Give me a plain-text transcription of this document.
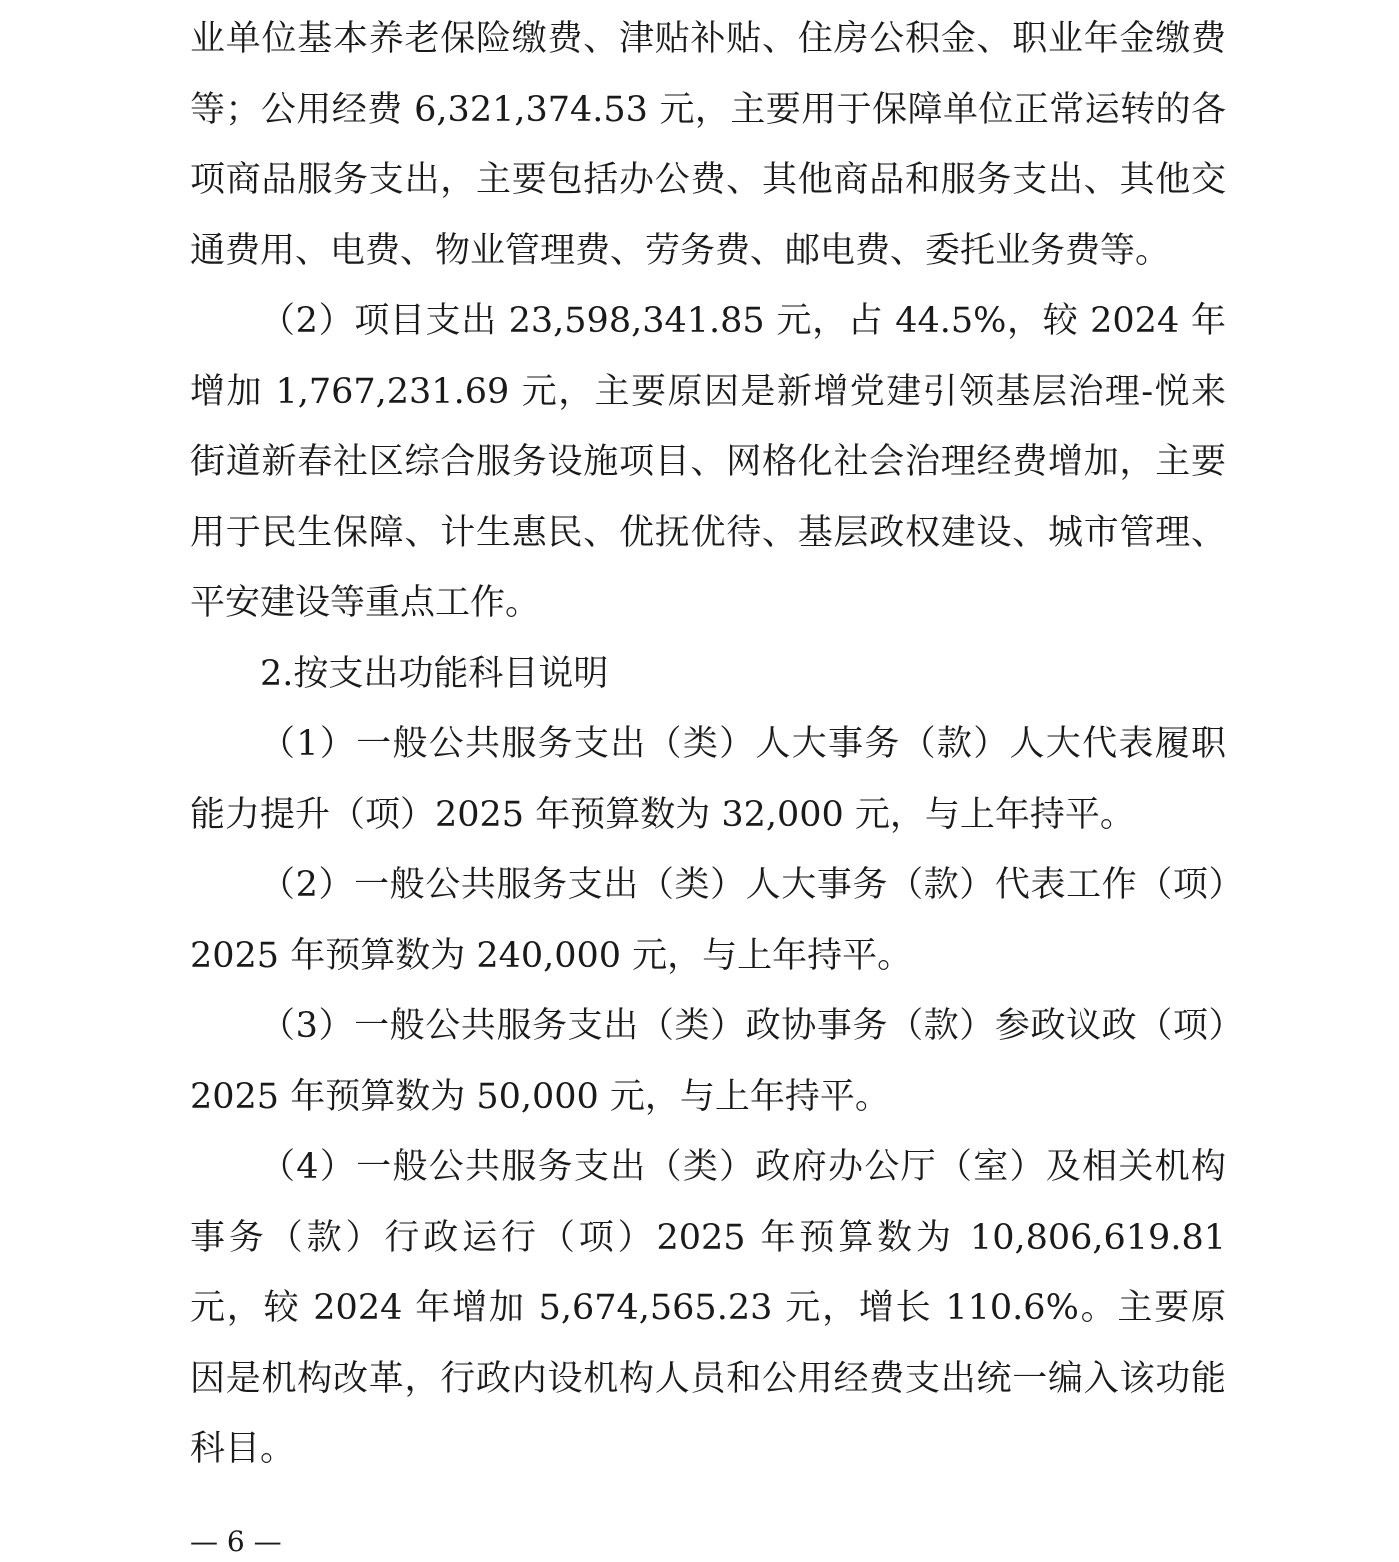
业单位基本养老保险缴费、津贴补贴、住房公积金、职业年金缴费等；公用经费 6,321,374.53 元，主要用于保障单位正常运转的各项商品服务支出，主要包括办公费、其他商品和服务支出、其他交通费用、电费、物业管理费、劳务费、邮电费、委托业务费等。

（2）项目支出 23,598,341.85 元，占 44.5%，较 2024 年增加 1,767,231.69 元，主要原因是新增党建引领基层治理-悦来街道新春社区综合服务设施项目、网格化社会治理经费增加，主要用于民生保障、计生惠民、优抚优待、基层政权建设、城市管理、平安建设等重点工作。

2.按支出功能科目说明

（1）一般公共服务支出（类）人大事务（款）人大代表履职能力提升（项）2025 年预算数为 32,000 元，与上年持平。

（2）一般公共服务支出（类）人大事务（款）代表工作（项）2025 年预算数为 240,000 元，与上年持平。

（3）一般公共服务支出（类）政协事务（款）参政议政（项）2025 年预算数为 50,000 元，与上年持平。

（4）一般公共服务支出（类）政府办公厅（室）及相关机构事务（款）行政运行（项）2025 年预算数为 10,806,619.81 元，较 2024 年增加 5,674,565.23 元，增长 110.6%。主要原因是机构改革，行政内设机构人员和公用经费支出统一编入该功能科目。

— 6 —
